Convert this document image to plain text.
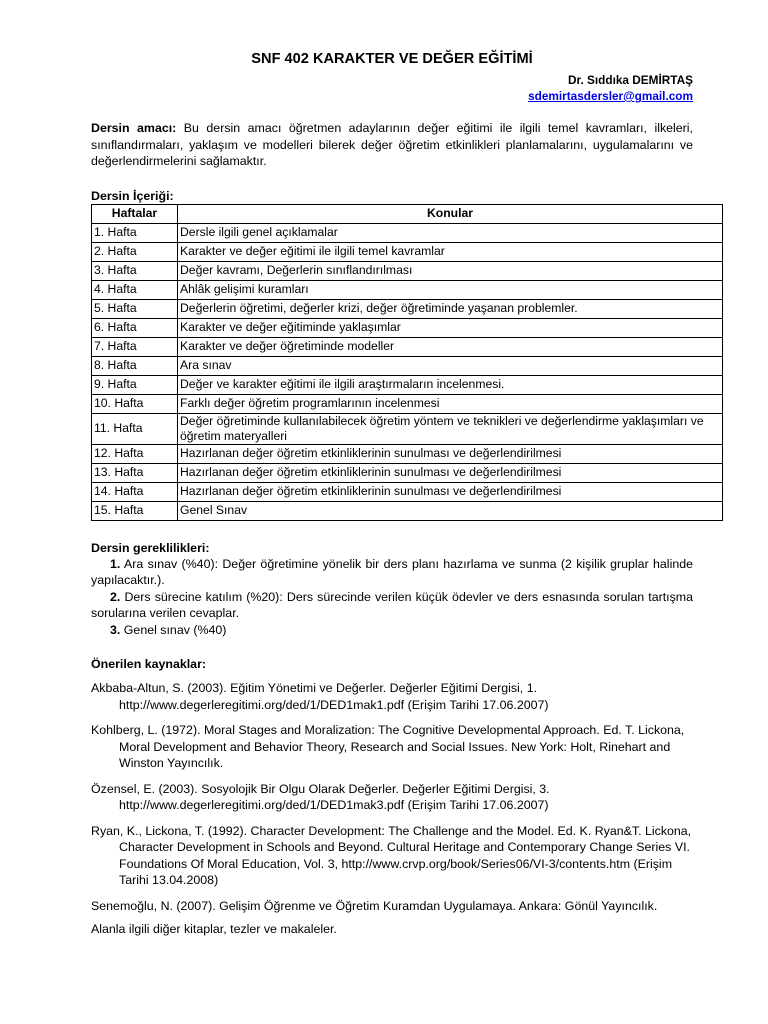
SNF 402 KARAKTER VE DEĞER EĞİTİMİ
Dr. Sıddıka DEMİRTAŞ
sdemirtasdersler@gmail.com
Dersin amacı: Bu dersin amacı öğretmen adaylarının değer eğitimi ile ilgili temel kavramları, ilkeleri, sınıflandırmaları, yaklaşım ve modelleri bilerek değer öğretim etkinlikleri planlamalarını, uygulamalarını ve değerlendirmelerini sağlamaktır.
Dersin İçeriği:
Haftalar	Konular
1. Hafta	Dersle ilgili genel açıklamalar
2. Hafta	Karakter ve değer eğitimi ile ilgili temel kavramlar
3. Hafta	Değer kavramı, Değerlerin sınıflandırılması
4. Hafta	Ahlâk gelişimi kuramları
5. Hafta	Değerlerin öğretimi, değerler krizi, değer öğretiminde yaşanan problemler.
6. Hafta	Karakter ve değer eğitiminde yaklaşımlar
7. Hafta	Karakter ve değer öğretiminde modeller
8. Hafta	Ara sınav
9. Hafta	Değer ve karakter eğitimi ile ilgili araştırmaların incelenmesi.
10. Hafta	Farklı değer öğretim programlarının incelenmesi
11. Hafta	Değer öğretiminde kullanılabilecek öğretim yöntem ve teknikleri ve değerlendirme yaklaşımları ve öğretim materyalleri
12. Hafta	Hazırlanan değer öğretim etkinliklerinin sunulması ve değerlendirilmesi
13. Hafta	Hazırlanan değer öğretim etkinliklerinin sunulması ve değerlendirilmesi
14. Hafta	Hazırlanan değer öğretim etkinliklerinin sunulması ve değerlendirilmesi
15. Hafta	Genel Sınav
Dersin gereklilikleri:
1. Ara sınav (%40): Değer öğretimine yönelik bir ders planı hazırlama ve sunma (2 kişilik gruplar halinde yapılacaktır.).
2. Ders sürecine katılım (%20): Ders sürecinde verilen küçük ödevler ve ders esnasında sorulan tartışma sorularına verilen cevaplar.
3. Genel sınav (%40)
Önerilen kaynaklar:
Akbaba-Altun, S. (2003). Eğitim Yönetimi ve Değerler. Değerler Eğitimi Dergisi, 1. http://www.degerleregitimi.org/ded/1/DED1mak1.pdf (Erişim Tarihi 17.06.2007)
Kohlberg, L. (1972). Moral Stages and Moralization: The Cognitive Developmental Approach. Ed. T. Lickona, Moral Development and Behavior Theory, Research and Social Issues. New York: Holt, Rinehart and Winston Yayıncılık.
Özensel, E. (2003). Sosyolojik Bir Olgu Olarak Değerler. Değerler Eğitimi Dergisi, 3. http://www.degerleregitimi.org/ded/1/DED1mak3.pdf (Erişim Tarihi 17.06.2007)
Ryan, K., Lickona, T. (1992). Character Development: The Challenge and the Model. Ed. K. Ryan&T. Lickona, Character Development in Schools and Beyond. Cultural Heritage and Contemporary Change Series VI. Foundations Of Moral Education, Vol. 3, http://www.crvp.org/book/Series06/VI-3/contents.htm (Erişim Tarihi 13.04.2008)
Senemoğlu, N. (2007). Gelişim Öğrenme ve Öğretim Kuramdan Uygulamaya. Ankara: Gönül Yayıncılık.
Alanla ilgili diğer kitaplar, tezler ve makaleler.
